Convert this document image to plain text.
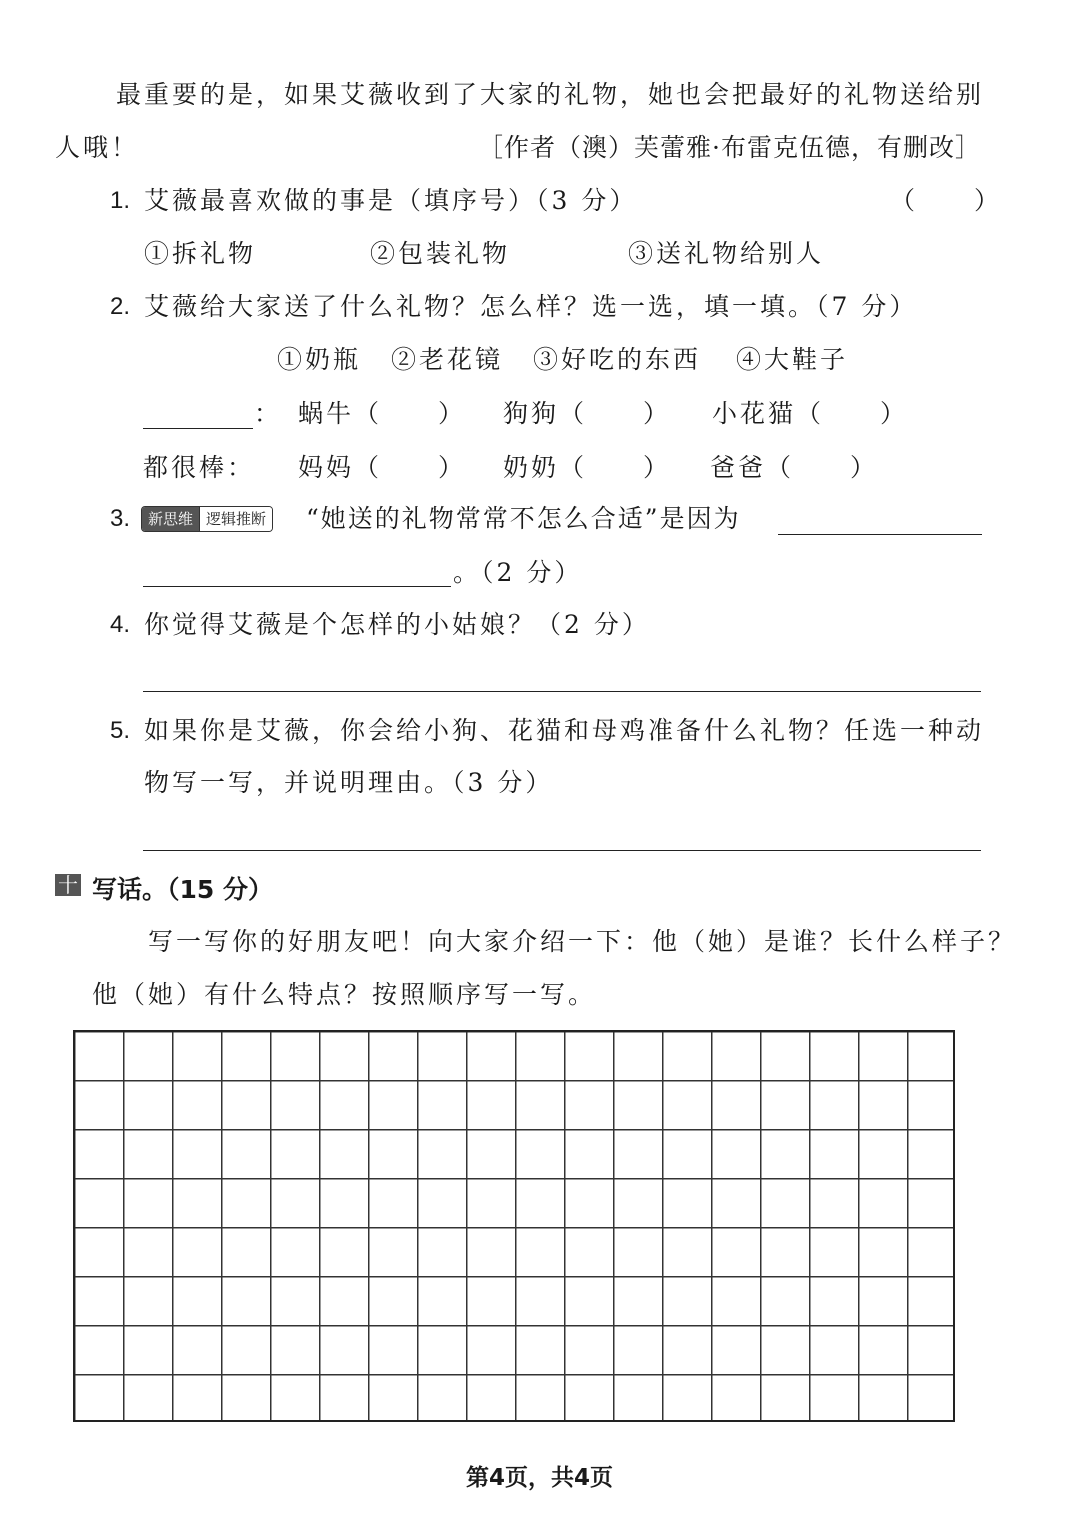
最重要的是，如果艾薇收到了大家的礼物，她也会把最好的礼物送给别
人哦！	［作者（澳）芙蕾雅·布雷克伍德，有删改］
1. 艾薇最喜欢做的事是（填序号）（3 分）	（　　）
①拆礼物	②包装礼物	③送礼物给别人
2. 艾薇给大家送了什么礼物？怎么样？选一选，填一填。（7 分）
①奶瓶 ②老花镜 ③好吃的东西 ④大鞋子
： 蜗牛（　　） 狗狗（　　） 小花猫（　　）
都很棒： 妈妈（　　） 奶奶（　　） 爸爸（　　）
3.	新思维 逻辑推断 “她送的礼物常常不怎么合适”是因为
。（2 分）
4. 你觉得艾薇是个怎样的小姑娘？（2 分）
5. 如果你是艾薇，你会给小狗、花猫和母鸡准备什么礼物？任选一种动
物写一写，并说明理由。（3 分）
十 写话。（15 分）
写一写你的好朋友吧！向大家介绍一下：他（她）是谁？长什么样子？
他（她）有什么特点？按照顺序写一写。
第4页，共4页
